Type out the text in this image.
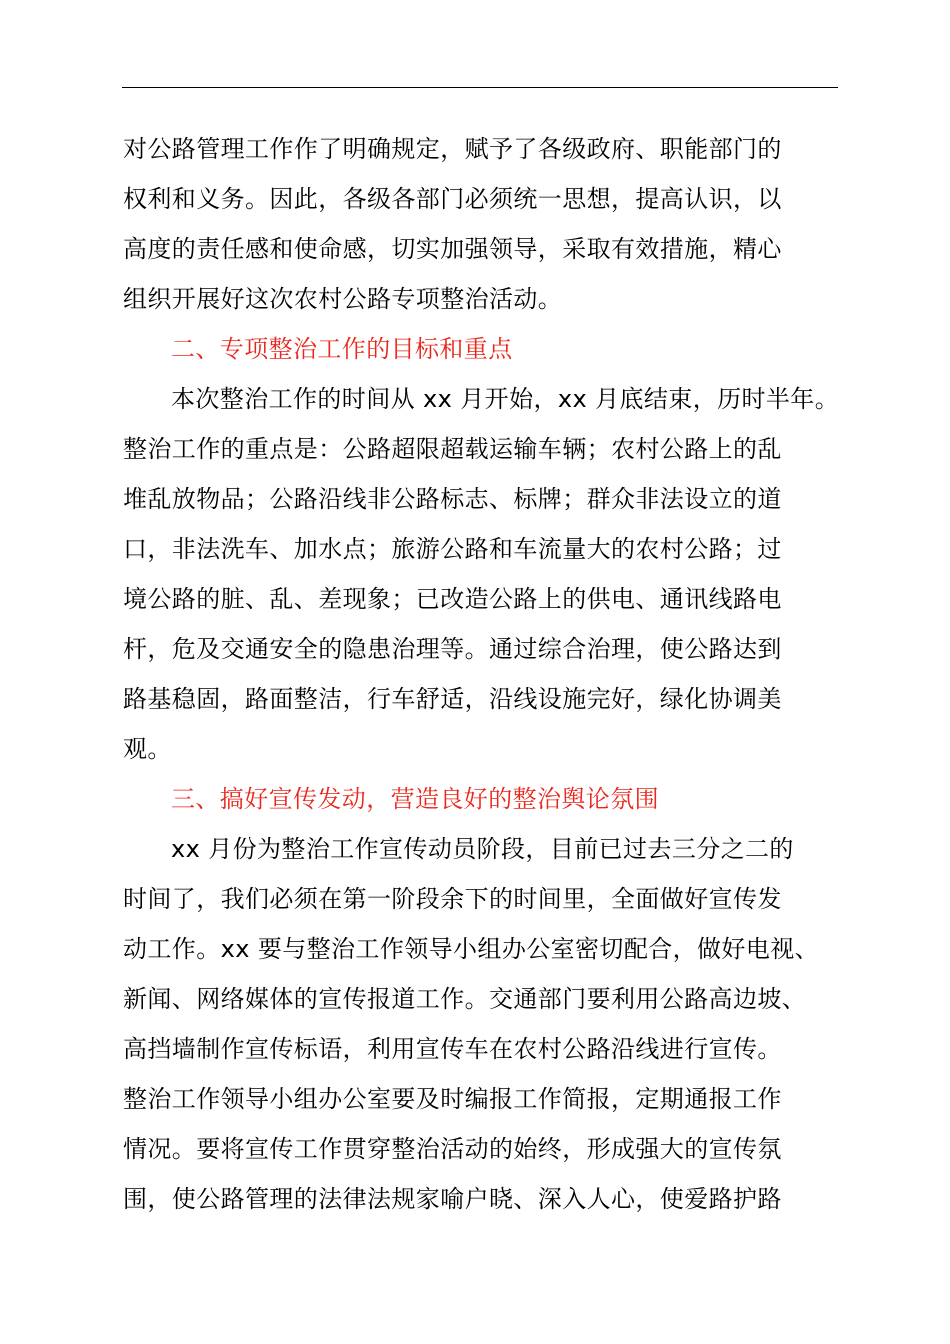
对公路管理工作作了明确规定，赋予了各级政府、职能部门的
权利和义务。因此，各级各部门必须统一思想，提高认识，以
高度的责任感和使命感，切实加强领导，采取有效措施，精心
组织开展好这次农村公路专项整治活动。
二、专项整治工作的目标和重点
本次整治工作的时间从 xx 月开始，xx 月底结束，历时半年。
整治工作的重点是：公路超限超载运输车辆；农村公路上的乱
堆乱放物品；公路沿线非公路标志、标牌；群众非法设立的道
口，非法洗车、加水点；旅游公路和车流量大的农村公路；过
境公路的脏、乱、差现象；已改造公路上的供电、通讯线路电
杆，危及交通安全的隐患治理等。通过综合治理，使公路达到
路基稳固，路面整洁，行车舒适，沿线设施完好，绿化协调美
观。
三、搞好宣传发动，营造良好的整治舆论氛围
xx 月份为整治工作宣传动员阶段，目前已过去三分之二的
时间了，我们必须在第一阶段余下的时间里，全面做好宣传发
动工作。xx 要与整治工作领导小组办公室密切配合，做好电视、
新闻、网络媒体的宣传报道工作。交通部门要利用公路高边坡、
高挡墙制作宣传标语，利用宣传车在农村公路沿线进行宣传。
整治工作领导小组办公室要及时编报工作简报，定期通报工作
情况。要将宣传工作贯穿整治活动的始终，形成强大的宣传氛
围，使公路管理的法律法规家喻户晓、深入人心，使爱路护路
